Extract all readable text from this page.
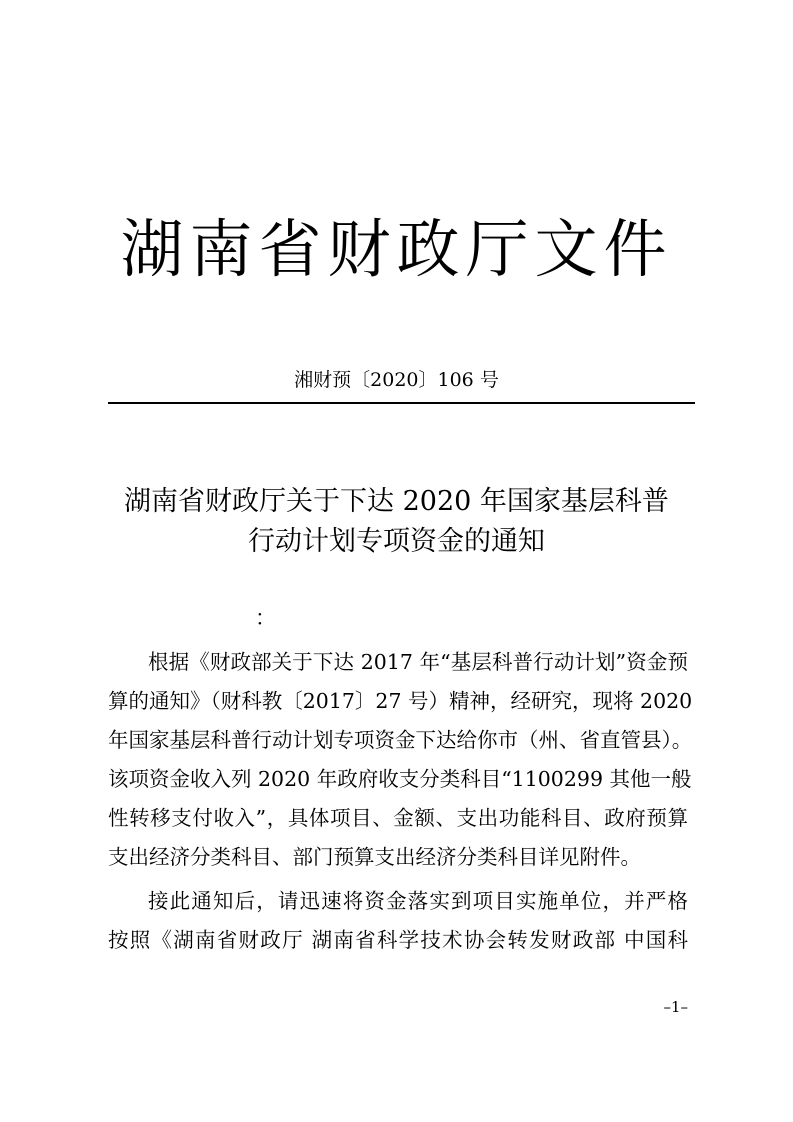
湖南省财政厅文件
湘财预〔2020〕106 号
湖南省财政厅关于下达 2020 年国家基层科普
行动计划专项资金的通知
：
根据《财政部关于下达 2017 年“基层科普行动计划”资金预
算的通知》（财科教〔2017〕27 号）精神，经研究，现将 2020
年国家基层科普行动计划专项资金下达给你市（州、省直管县）。
该项资金收入列 2020 年政府收支分类科目“1100299 其他一般
性转移支付收入”，具体项目、金额、支出功能科目、政府预算
支出经济分类科目、部门预算支出经济分类科目详见附件。
接此通知后，请迅速将资金落实到项目实施单位，并严格
按照《湖南省财政厅 湖南省科学技术协会转发财政部 中国科
–1–
